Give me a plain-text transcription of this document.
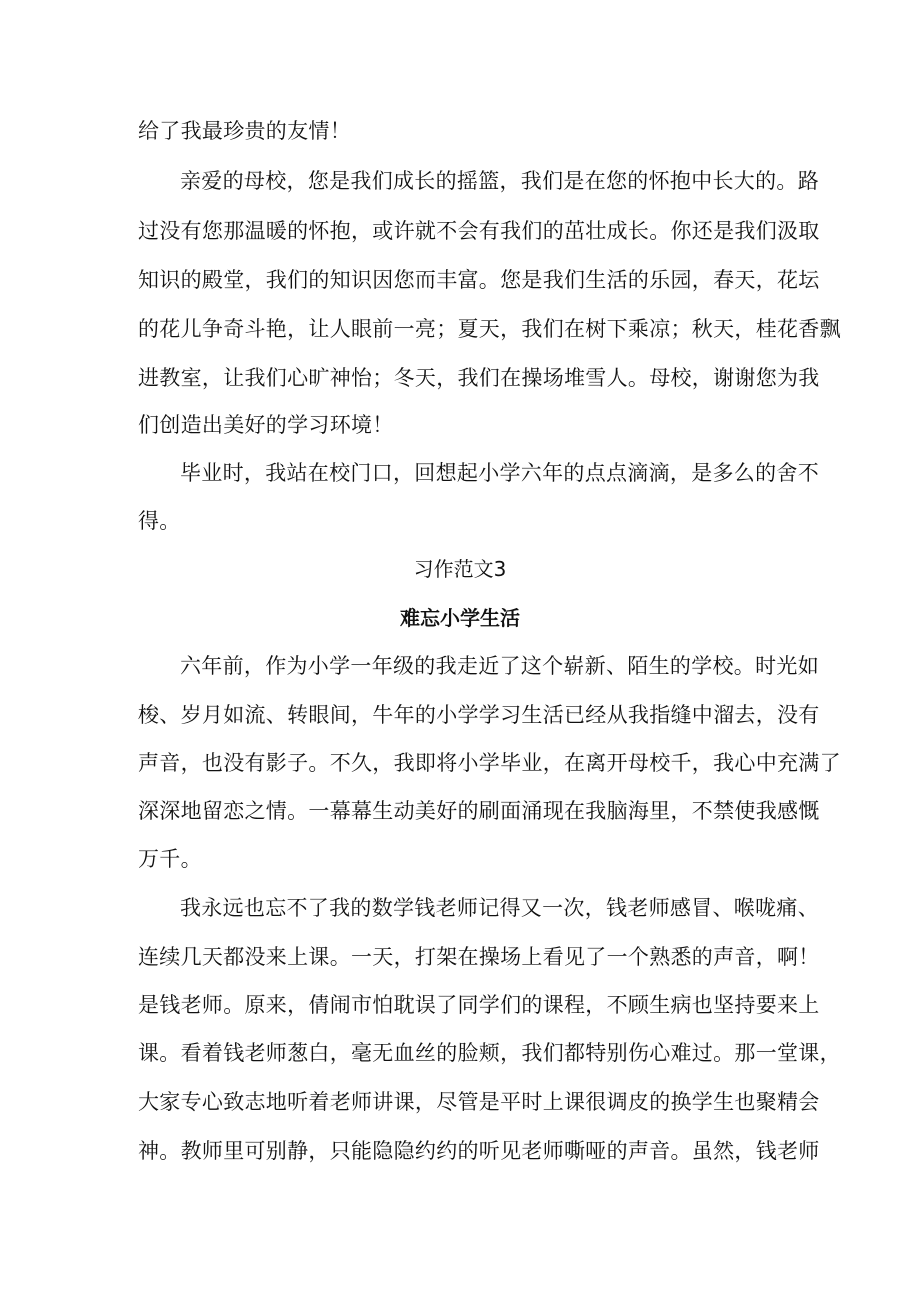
给了我最珍贵的友情！
亲爱的母校，您是我们成长的摇篮，我们是在您的怀抱中长大的。路
过没有您那温暖的怀抱，或许就不会有我们的茁壮成长。你还是我们汲取
知识的殿堂，我们的知识因您而丰富。您是我们生活的乐园，春天，花坛
的花儿争奇斗艳，让人眼前一亮；夏天，我们在树下乘凉；秋天，桂花香飘
进教室，让我们心旷神怡；冬天，我们在操场堆雪人。母校，谢谢您为我
们创造出美好的学习环境！
毕业时，我站在校门口，回想起小学六年的点点滴滴，是多么的舍不
得。
习作范文3
难忘小学生活
六年前，作为小学一年级的我走近了这个崭新、陌生的学校。时光如
梭、岁月如流、转眼间，牛年的小学学习生活已经从我指缝中溜去，没有
声音，也没有影子。不久，我即将小学毕业，在离开母校千，我心中充满了
深深地留恋之情。一幕幕生动美好的刷面涌现在我脑海里，不禁使我感慨
万千。
我永远也忘不了我的数学钱老师记得又一次，钱老师感冒、喉咙痛、
连续几天都没来上课。一天，打架在操场上看见了一个熟悉的声音，啊！
是钱老师。原来，倩闹市怕耽误了同学们的课程，不顾生病也坚持要来上
课。看着钱老师葱白，毫无血丝的脸颊，我们都特别伤心难过。那一堂课，
大家专心致志地听着老师讲课，尽管是平时上课很调皮的换学生也聚精会
神。教师里可别静，只能隐隐约约的听见老师嘶哑的声音。虽然，钱老师
